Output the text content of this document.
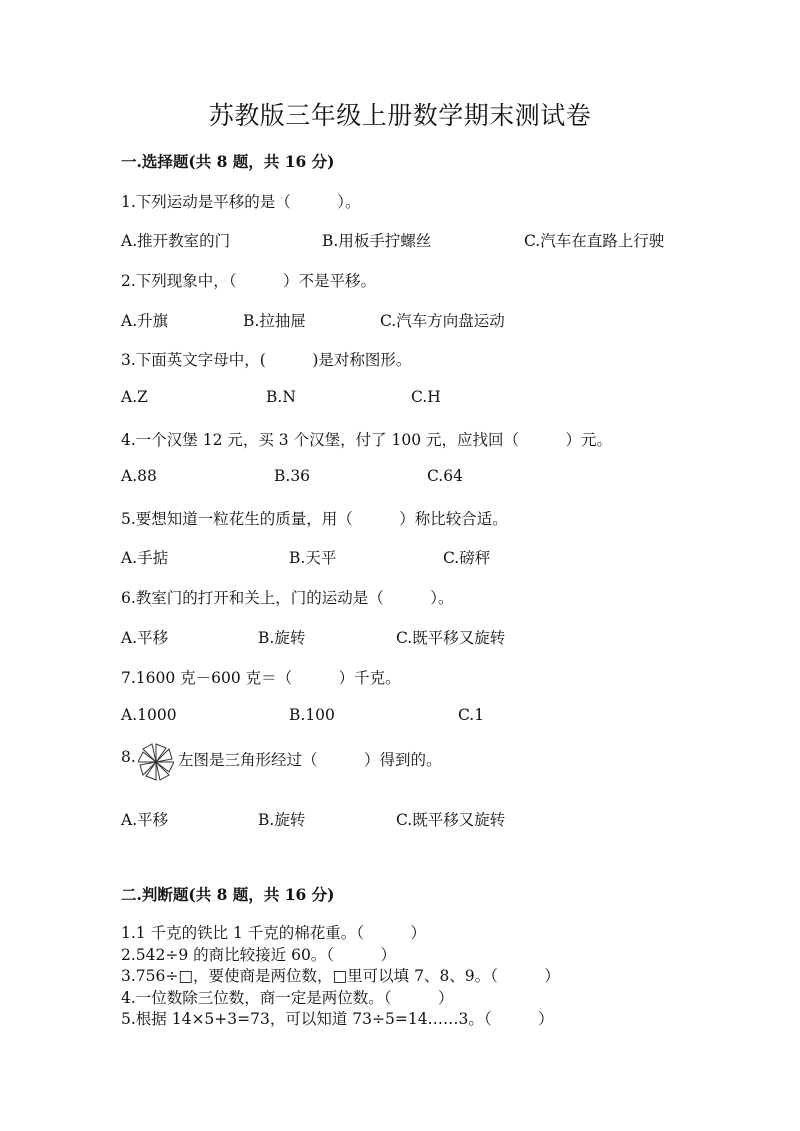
苏教版三年级上册数学期末测试卷
一.选择题(共 8 题，共 16 分)
1.下列运动是平移的是（　　　）。
A.推开教室的门	B.用板手拧螺丝	C.汽车在直路上行驶
2.下列现象中，（　　　）不是平移。
A.升旗	B.拉抽屉	C.汽车方向盘运动
3.下面英文字母中，(　　　)是对称图形。
A.Z	B.N	C.H
4.一个汉堡 12 元，买 3 个汉堡，付了 100 元，应找回（　　　）元。
A.88	B.36	C.64
5.要想知道一粒花生的质量，用（　　　）称比较合适。
A.手掂	B.天平	C.磅秤
6.教室门的打开和关上，门的运动是（　　　）。
A.平移	B.旋转	C.既平移又旋转
7.1600 克－600 克＝（　　　）千克。
A.1000	B.100	C.1
8.	左图是三角形经过（　　　）得到的。
A.平移	B.旋转	C.既平移又旋转
二.判断题(共 8 题，共 16 分)
1.1 千克的铁比 1 千克的棉花重。（　　　）
2.542÷9 的商比较接近 60。（　　　）
3.756÷□，要使商是两位数，□里可以填 7、8、9。（　　　）
4.一位数除三位数，商一定是两位数。（　　　）
5.根据 14×5+3=73，可以知道 73÷5=14……3。（　　　）
